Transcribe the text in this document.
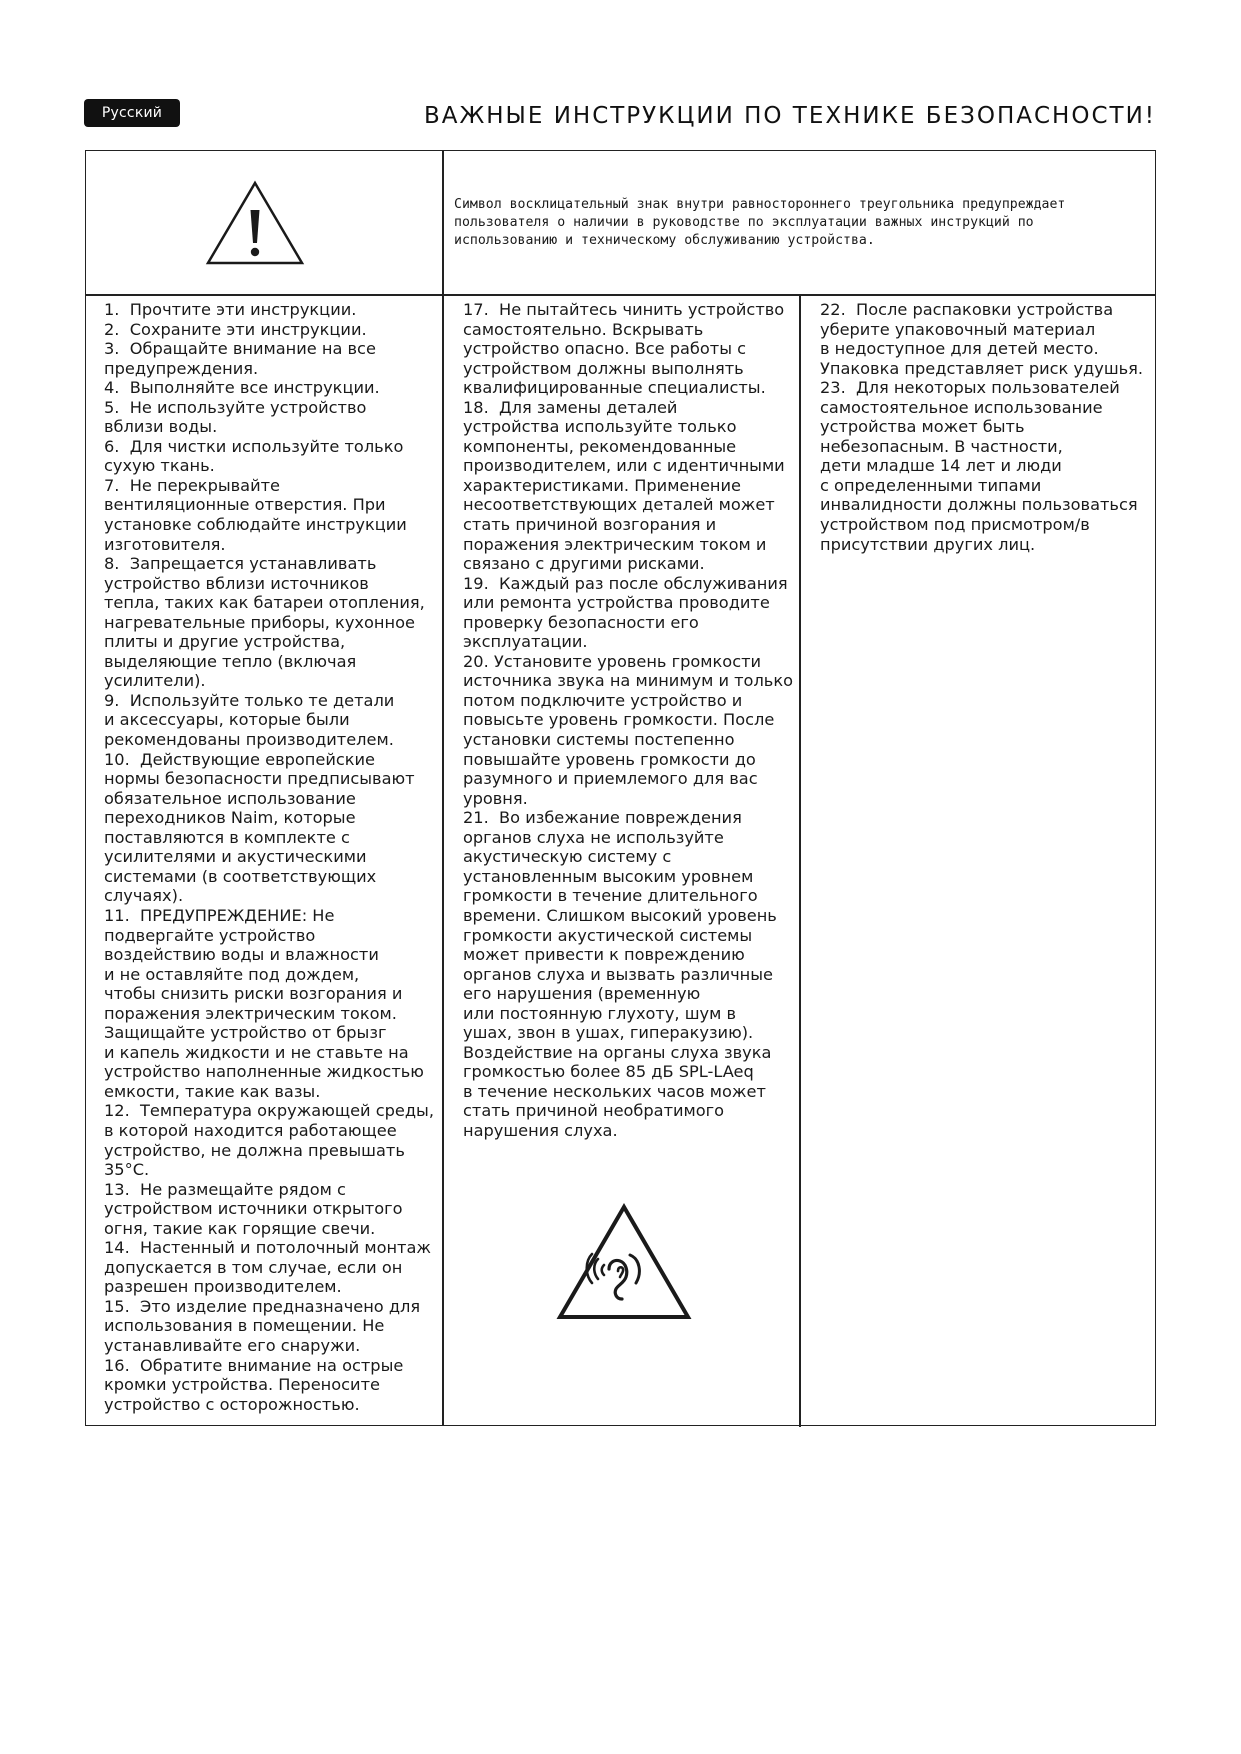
Русский	ВАЖНЫЕ ИНСТРУКЦИИ ПО ТЕХНИКЕ БЕЗОПАСНОСТИ!

Символ восклицательный знак внутри равностороннего треугольника предупреждает пользователя о наличии в руководстве по эксплуатации важных инструкций по использованию и техническому обслуживанию устройства.

1.  Прочтите эти инструкции.
2.  Сохраните эти инструкции.
3.  Обращайте внимание на все
предупреждения.
4.  Выполняйте все инструкции.
5.  Не используйте устройство
вблизи воды.
6.  Для чистки используйте только
сухую ткань.
7.  Не перекрывайте
вентиляционные отверстия. При
установке соблюдайте инструкции
изготовителя.
8.  Запрещается устанавливать
устройство вблизи источников
тепла, таких как батареи отопления,
нагревательные приборы, кухонное
плиты и другие устройства,
выделяющие тепло (включая
усилители).
9.  Используйте только те детали
и аксессуары, которые были
рекомендованы производителем.
10.  Действующие европейские
нормы безопасности предписывают
обязательное использование
переходников Naim, которые
поставляются в комплекте с
усилителями и акустическими
системами (в соответствующих
случаях).
11.  ПРЕДУПРЕЖДЕНИЕ: Не
подвергайте устройство
воздействию воды и влажности
и не оставляйте под дождем,
чтобы снизить риски возгорания и
поражения электрическим током.
Защищайте устройство от брызг
и капель жидкости и не ставьте на
устройство наполненные жидкостью
емкости, такие как вазы.
12.  Температура окружающей среды,
в которой находится работающее
устройство, не должна превышать
35°C.
13.  Не размещайте рядом с
устройством источники открытого
огня, такие как горящие свечи.
14.  Настенный и потолочный монтаж
допускается в том случае, если он
разрешен производителем.
15.  Это изделие предназначено для
использования в помещении. Не
устанавливайте его снаружи.
16.  Обратите внимание на острые
кромки устройства. Переносите
устройство с осторожностью.
17.  Не пытайтесь чинить устройство
самостоятельно. Вскрывать
устройство опасно. Все работы с
устройством должны выполнять
квалифицированные специалисты.
18.  Для замены деталей
устройства используйте только
компоненты, рекомендованные
производителем, или с идентичными
характеристиками. Применение
несоответствующих деталей может
стать причиной возгорания и
поражения электрическим током и
связано с другими рисками.
19.  Каждый раз после обслуживания
или ремонта устройства проводите
проверку безопасности его
эксплуатации.
20. Установите уровень громкости
источника звука на минимум и только
потом подключите устройство и
повысьте уровень громкости. После
установки системы постепенно
повышайте уровень громкости до
разумного и приемлемого для вас
уровня.
21.  Во избежание повреждения
органов слуха не используйте
акустическую систему с
установленным высоким уровнем
громкости в течение длительного
времени. Слишком высокий уровень
громкости акустической системы
может привести к повреждению
органов слуха и вызвать различные
его нарушения (временную
или постоянную глухоту, шум в
ушах, звон в ушах, гиперакузию).
Воздействие на органы слуха звука
громкостью более 85 дБ SPL-LAeq
в течение нескольких часов может
стать причиной необратимого
нарушения слуха.
22.  После распаковки устройства
уберите упаковочный материал
в недоступное для детей место.
Упаковка представляет риск удушья.
23.  Для некоторых пользователей
самостоятельное использование
устройства может быть
небезопасным. В частности,
дети младше 14 лет и люди
с определенными типами
инвалидности должны пользоваться
устройством под присмотром/в
присутствии других лиц.
